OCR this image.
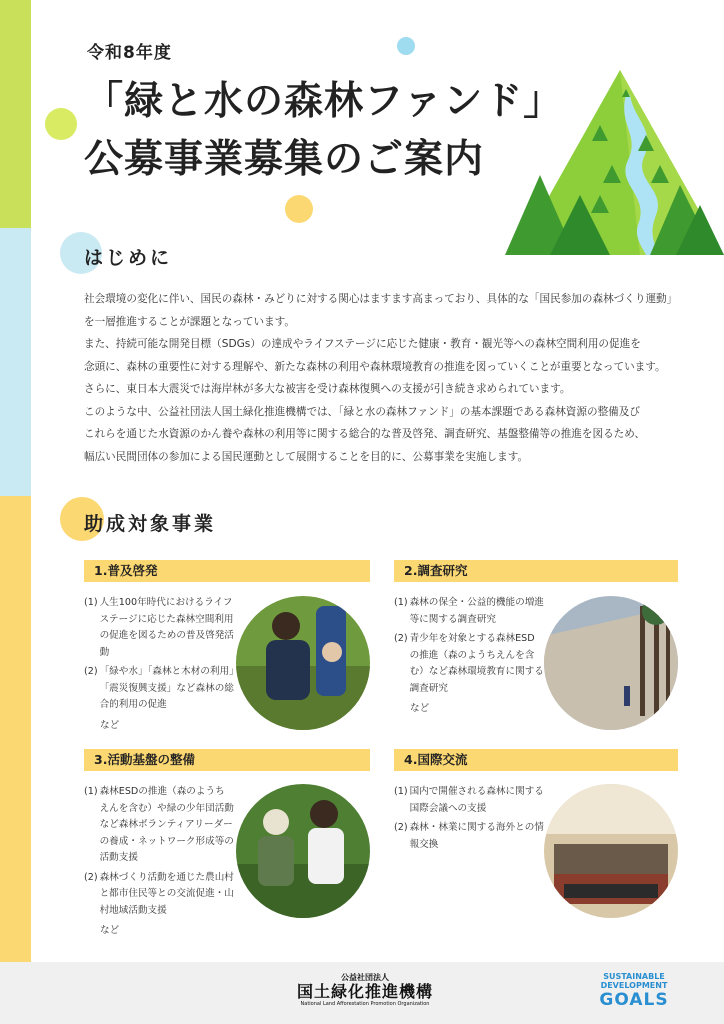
令和8年度
「緑と水の森林ファンド」
公募事業募集のご案内
はじめに

社会環境の変化に伴い、国民の森林・みどりに対する関心はますます高まっており、具体的な「国民参加の森林づくり運動」

を一層推進することが課題となっています。

また、持続可能な開発目標（SDGs）の達成やライフステージに応じた健康・教育・観光等への森林空間利用の促進を

念頭に、森林の重要性に対する理解や、新たな森林の利用や森林環境教育の推進を図っていくことが重要となっています。

さらに、東日本大震災では海岸林が多大な被害を受け森林復興への支援が引き続き求められています。

このような中、公益社団法人国土緑化推進機構では、「緑と水の森林ファンド」の基本課題である森林資源の整備及び

これらを通じた水資源のかん養や森林の利用等に関する総合的な普及啓発、調査研究、基盤整備等の推進を図るため、

幅広い民間団体の参加による国民運動として展開することを目的に、公募事業を実施します。

助成対象事業
1.普及啓発
(1) 人生100年時代におけるライフステージに応じた森林空間利用の促進を図るための普及啓発活動
(2) 「緑や水」「森林と木材の利用」「震災復興支援」など森林の総合的利用の促進
など
2.調査研究
(1) 森林の保全・公益的機能の増進等に関する調査研究
(2) 青少年を対象とする森林ESDの推進（森のようちえんを含む）など森林環境教育に関する調査研究
など
3.活動基盤の整備
(1) 森林ESDの推進（森のようちえんを含む）や緑の少年団活動など森林ボランティアリーダーの養成・ネットワーク形成等の活動支援
(2) 森林づくり活動を通じた農山村と都市住民等との交流促進・山村地域活動支援
など
4.国際交流
(1) 国内で開催される森林に関する国際会議への支援
(2) 森林・林業に関する海外との情報交換
公益社団法人
国土緑化推進機構
National Land Afforestation Promotion Organization
SUSTAINABLE
DEVELOPMENT
GOALS
